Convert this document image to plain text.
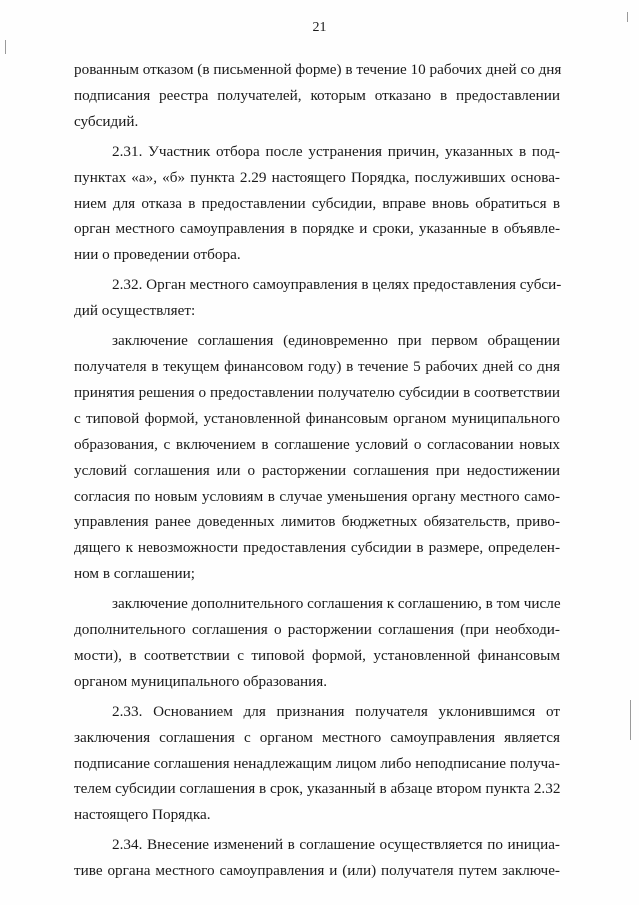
21

рованным отказом (в письменной форме) в течение 10 рабочих дней со дня
подписания реестра получателей, которым отказано в предоставлении
субсидий.

2.31. Участник отбора после устранения причин, указанных в под-
пунктах «а», «б» пункта 2.29 настоящего Порядка, послуживших основа-
нием для отказа в предоставлении субсидии, вправе вновь обратиться в
орган местного самоуправления в порядке и сроки, указанные в объявле-
нии о проведении отбора.

2.32. Орган местного самоуправления в целях предоставления субси-
дий осуществляет:

заключение соглашения (единовременно при первом обращении
получателя в текущем финансовом году) в течение 5 рабочих дней со дня
принятия решения о предоставлении получателю субсидии в соответствии
с типовой формой, установленной финансовым органом муниципального
образования, с включением в соглашение условий о согласовании новых
условий соглашения или о расторжении соглашения при недостижении
согласия по новым условиям в случае уменьшения органу местного само-
управления ранее доведенных лимитов бюджетных обязательств, приво-
дящего к невозможности предоставления субсидии в размере, определен-
ном в соглашении;

заключение дополнительного соглашения к соглашению, в том числе
дополнительного соглашения о расторжении соглашения (при необходи-
мости), в соответствии с типовой формой, установленной финансовым
органом муниципального образования.

2.33. Основанием для признания получателя уклонившимся от
заключения соглашения с органом местного самоуправления является
подписание соглашения ненадлежащим лицом либо неподписание получа-
телем субсидии соглашения в срок, указанный в абзаце втором пункта 2.32
настоящего Порядка.

2.34. Внесение изменений в соглашение осуществляется по инициа-
тиве органа местного самоуправления и (или) получателя путем заключе-
